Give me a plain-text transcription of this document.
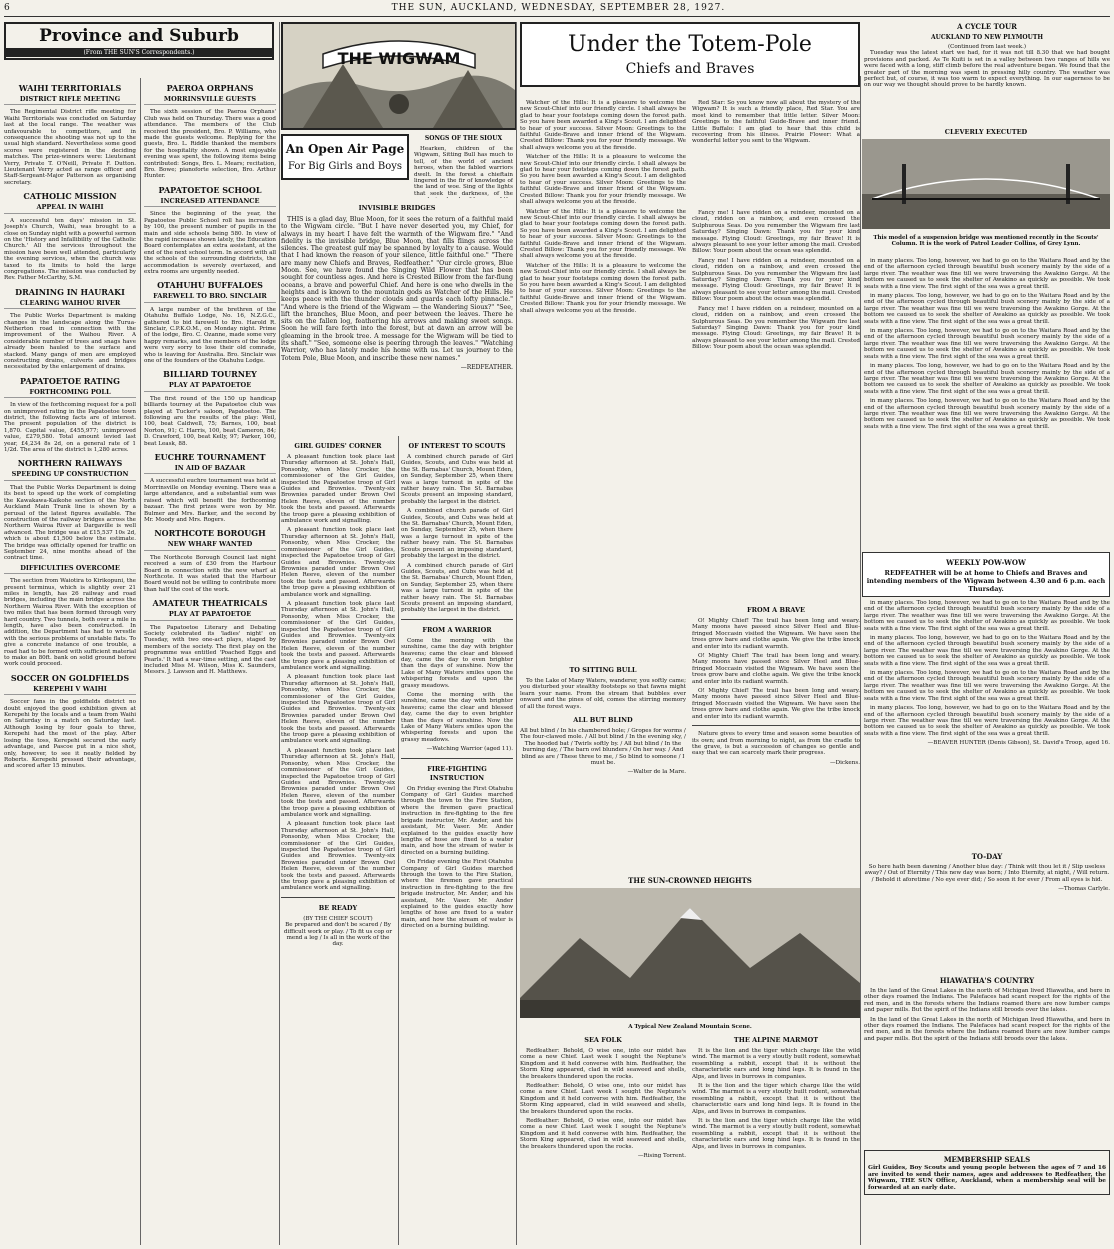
6	THE SUN, AUCKLAND, WEDNESDAY, SEPTEMBER 28, 1927.

Province and Suburb
(From THE SUN'S Correspondents.)
WAIHI TERRITORIALS
DISTRICT RIFLE MEETING

The Regimental District rifle meeting for Waihi Territorials was concluded on Saturday last at the local range. The weather was unfavourable to competitors, and in consequence the shooting was not up to the usual high standard. Nevertheless some good scores were registered in the deciding matches. The prize-winners were: Lieutenant Verry, Private T. O'Neill, Private F. Dutton. Lieutenant Verry acted as range officer and Staff-Sergeant-Major Patterson as organising secretary.

CATHOLIC MISSION
APPEAL IN WAIHI

A successful ten days' mission in St. Joseph's Church, Waihi, was brought to a close on Sunday night with a powerful sermon on the 'History and Infallibility of the Catholic Church.' All the services throughout the mission have been well attended, particularly the evening services, when the church was taxed to its limits to hold the large congregations. The mission was conducted by Rev. Father McCarthy, S.M.

DRAINING IN HAURAKI
CLEARING WAIHOU RIVER

The Public Works Department is making changes in the landscape along the Turua-Netherton road in connection with the improvement of the Waihou River. A considerable number of trees and snags have already been hauled to the surface and stacked. Many gangs of men are employed constructing drains, culverts and bridges necessitated by the enlargement of drains.

PAPATOETOE RATING
FORTHCOMING POLL

In view of the forthcoming request for a poll on unimproved rating in the Papatoetoe town district, the following facts are of interest. The present population of the district is 1,870. Capital value, £455,977; unimproved value, £279,580. Total amount levied last year, £4,234 8s 2d, on a general rate of 1 1/2d. The area of the district is 1,280 acres.

NORTHERN RAILWAYS
SPEEDING UP CONSTRUCTION

That the Public Works Department is doing its best to speed up the work of completing the Kawakawa-Kaikohe section of the North Auckland Main Trunk line is shown by a perusal of the latest figures available. The construction of the railway bridges across the Northern Wairoa River at Dargaville is well advanced. The bridge was at £15,537 10s 2d, which is about £1,500 below the estimate. The bridge was officially opened for traffic on September 24, nine months ahead of the contract time.

DIFFICULTIES OVERCOME

The section from Waiotira to Kirikopuni, the present terminus, which is slightly over 21 miles in length, has 26 railway and road bridges, including the main bridge across the Northern Wairoa River. With the exception of two miles that has been formed through very hard country. Two tunnels, both over a mile in length, have also been constructed. In addition, the Department has had to wrestle with the serious problems of unstable flats. To give a concrete instance of one trouble, a road had to be formed with sufficient material to make an 80ft. bank on solid ground before work could proceed.

SOCCER ON GOLDFIELDS
KEREPEHI V WAIHI

Soccer fans in the goldfields district no doubt enjoyed the good exhibition given at Kerepehi by the locals and a team from Waihi on Saturday in a match on Saturday last. Although losing by four goals to three, Kerepehi had the most of the play. After losing the toss, Kerepehi secured the early advantage, and Pascoe put in a nice shot, only, however, to see it neatly fielded by Roberts. Kerepehi pressed their advantage, and scored after 15 minutes.

PAEROA ORPHANS
MORRINSVILLE GUESTS

The sixth session of the Paeroa Orphans' Club was held on Thursday. There was a good attendance. The members of the Club received the president, Bro. P. Williams, who made the guests welcome. Replying for the guests, Bro. L. Riddle thanked the members for the hospitality shown. A most enjoyable evening was spent, the following items being contributed: Songs, Bro. L. Mears; recitation, Bro. Bowe; pianoforte selection, Bro. Arthur Hunter.

PAPATOETOE SCHOOL
INCREASED ATTENDANCE

Since the beginning of the year, the Papatoetoe Public School roll has increased by 100, the present number of pupils in the main and side schools being 580. In view of the rapid increase shown lately, the Education Board contemplates an extra assistant, at the end of the next school term. In accord with all the schools of the surrounding districts, the accommodation is severely overtaxed, and extra rooms are urgently needed.

OTAHUHU BUFFALOES
FAREWELL TO BRO. SINCLAIR

A large number of the brethren of the Otahuhu Buffalo Lodge, No. 16, N.Z.G.C., gathered to bid farewell to Bro. Harold R. Sinclair, C.P.K.O.M., on Monday night. Prime of the lodge, Bro. C. Ozanne, made some very happy remarks, and the members of the lodge were very sorry to lose their old comrade, who is leaving for Australia. Bro. Sinclair was one of the founders of the Otahuhu Lodge.

BILLIARD TOURNEY
PLAY AT PAPATOETOE

The first round of the 150 up handicap billiards tourney at the Papatoetoe club was played at Tucker's saloon, Papatoetoe. The following are the results of the play: Weil, 100, beat Caldwell, 75; Barnes, 100, beat Norton, 91; C. Harris, 100, beat Cameron, 84; D. Crawford, 100, beat Kelly, 97; Parker, 100, beat Leask, 88.

EUCHRE TOURNAMENT
IN AID OF BAZAAR

A successful euchre tournament was held at Morrinsville on Monday evening. There was a large attendance, and a substantial sum was raised which will benefit the forthcoming bazaar. The first prizes were won by Mr. Bulmer and Mrs. Barker, and the second by Mr. Moody and Mrs. Rogers.

NORTHCOTE BOROUGH
NEW WHARF WANTED

The Northcote Borough Council last night received a sum of £30 from the Harbour Board in connection with the new wharf at Northcote. It was stated that the Harbour Board would not be willing to contribute more than half the cost of the work.

AMATEUR THEATRICALS
PLAY AT PAPATOETOE

The Papatoetoe Literary and Debating Society celebrated its 'ladies' night' on Tuesday, with two one-act plays, staged by members of the society. The first play on the programme was entitled 'Poached Eggs and Pearls.' It had a war-time setting, and the cast included Miss M. Wilson, Miss K. Saunders, Messrs. J. Lawson and H. Matthews.

THE WIGWAM
An Open Air Page
For Big Girls and Boys
INVISIBLE BRIDGES

THIS is a glad day, Blue Moon, for it sees the return of a faithful maid to the Wigwam circle. "But I have never deserted you, my Chief, for always in my heart I have felt the warmth of the Wigwam fire." "And fidelity is the invisible bridge, Blue Moon, that fills flings across the silences. The greatest gulf may be spanned by loyalty to a cause. Would that I had known the reason of your silence, little faithful one." "There are many new Chiefs and Braves, Redfeather." "Our circle grows, Blue Moon. See, we have found the Singing Wild Flower that has been sought for countless ages. And here is Crested Billow from the far-flung oceans, a brave and powerful Chief. And here is one who dwells in the heights and is known to the mountain gods as Watcher of the Hills. He keeps peace with the thunder clouds and guards each lofty pinnacle." "And where is the friend of the Wigwam — the Wandering Sioux?" "See, lift the branches, Blue Moon, and peer between the leaves. There he sits on the fallen log, feathering his arrows and making sweet songs. Soon he will fare forth into the forest, but at dawn an arrow will be gleaming in the brook tree. A message for the Wigwam will be tied to its shaft." "See, someone else is peering through the leaves." "Watching Warrior, who has lately made his home with us. Let us journey to the Totem Pole, Blue Moon, and inscribe these new names."

—REDFEATHER.
SONGS OF THE SIOUX

Hearken, children of the Wigwam, Sitting Bull has much to tell, of the world of ancient heroes, when the fabled warriors dwelt. In the forest a chieftain lingered in the fir of knowledge of the land of woe. Sing of the lights that seek the darkness, of the

GIRL GUIDES' CORNER

A pleasant function took place last Thursday afternoon at St. John's Hall, Ponsonby, when Miss Crocker, the commissioner of the Girl Guides, inspected the Papatoetoe troop of Girl Guides and Brownies. Twenty-six Brownies paraded under Brown Owl Helen Reeve, eleven of the number took the tests and passed. Afterwards the troop gave a pleasing exhibition of ambulance work and signalling.

A pleasant function took place last Thursday afternoon at St. John's Hall, Ponsonby, when Miss Crocker, the commissioner of the Girl Guides, inspected the Papatoetoe troop of Girl Guides and Brownies. Twenty-six Brownies paraded under Brown Owl Helen Reeve, eleven of the number took the tests and passed. Afterwards the troop gave a pleasing exhibition of ambulance work and signalling.

A pleasant function took place last Thursday afternoon at St. John's Hall, Ponsonby, when Miss Crocker, the commissioner of the Girl Guides, inspected the Papatoetoe troop of Girl Guides and Brownies. Twenty-six Brownies paraded under Brown Owl Helen Reeve, eleven of the number took the tests and passed. Afterwards the troop gave a pleasing exhibition of ambulance work and signalling.

A pleasant function took place last Thursday afternoon at St. John's Hall, Ponsonby, when Miss Crocker, the commissioner of the Girl Guides, inspected the Papatoetoe troop of Girl Guides and Brownies. Twenty-six Brownies paraded under Brown Owl Helen Reeve, eleven of the number took the tests and passed. Afterwards the troop gave a pleasing exhibition of ambulance work and signalling.

A pleasant function took place last Thursday afternoon at St. John's Hall, Ponsonby, when Miss Crocker, the commissioner of the Girl Guides, inspected the Papatoetoe troop of Girl Guides and Brownies. Twenty-six Brownies paraded under Brown Owl Helen Reeve, eleven of the number took the tests and passed. Afterwards the troop gave a pleasing exhibition of ambulance work and signalling.

A pleasant function took place last Thursday afternoon at St. John's Hall, Ponsonby, when Miss Crocker, the commissioner of the Girl Guides, inspected the Papatoetoe troop of Girl Guides and Brownies. Twenty-six Brownies paraded under Brown Owl Helen Reeve, eleven of the number took the tests and passed. Afterwards the troop gave a pleasing exhibition of ambulance work and signalling.

BE READY
(BY THE CHIEF SCOUT)

Be prepared and don't be scared / By difficult work or play. / To fit us cop or mend a leg / Is all in the work of the day.

OF INTEREST TO SCOUTS

A combined church parade of Girl Guides, Scouts, and Cubs was held at the St. Barnabas' Church, Mount Eden, on Sunday, September 25, when there was a large turnout in spite of the rather heavy rain. The St. Barnabas Scouts present an imposing standard, probably the largest in the district.

A combined church parade of Girl Guides, Scouts, and Cubs was held at the St. Barnabas' Church, Mount Eden, on Sunday, September 25, when there was a large turnout in spite of the rather heavy rain. The St. Barnabas Scouts present an imposing standard, probably the largest in the district.

A combined church parade of Girl Guides, Scouts, and Cubs was held at the St. Barnabas' Church, Mount Eden, on Sunday, September 25, when there was a large turnout in spite of the rather heavy rain. The St. Barnabas Scouts present an imposing standard, probably the largest in the district.

FROM A WARRIOR

Come the morning with the sunshine, came the day with brighter heavens; came the clear and blessed day, came the day to even brighter than the days of sunshine. Now the Lake of Many Waters smiles upon the whispering forests and upon the grassy meadows.

Come the morning with the sunshine, came the day with brighter heavens; came the clear and blessed day, came the day to even brighter than the days of sunshine. Now the Lake of Many Waters smiles upon the whispering forests and upon the grassy meadows.

—Watching Warrior (aged 11).
FIRE-FIGHTING INSTRUCTION

On Friday evening the First Otahuhu Company of Girl Guides marched through the town to the Fire Station, where the firemen gave practical instruction in fire-fighting to the fire brigade instructor, Mr. Ander, and his assistant, Mr. Vaser. Mr. Ander explained to the guides exactly how lengths of hose are fixed to a water main, and how the stream of water is directed on a burning building.

On Friday evening the First Otahuhu Company of Girl Guides marched through the town to the Fire Station, where the firemen gave practical instruction in fire-fighting to the fire brigade instructor, Mr. Ander, and his assistant, Mr. Vaser. Mr. Ander explained to the guides exactly how lengths of hose are fixed to a water main, and how the stream of water is directed on a burning building.

Under the Totem-Pole
Chiefs and Braves

Watcher of the Hills: It is a pleasure to welcome the new Scout-Chief into our friendly circle. I shall always be glad to hear your footsteps coming down the forest path. So you have been awarded a King's Scout. I am delighted to hear of your success. Silver Moon: Greetings to the faithful Guide-Brave and inner friend of the Wigwam. Crested Billow: Thank you for your friendly message. We shall always welcome you at the fireside.

Watcher of the Hills: It is a pleasure to welcome the new Scout-Chief into our friendly circle. I shall always be glad to hear your footsteps coming down the forest path. So you have been awarded a King's Scout. I am delighted to hear of your success. Silver Moon: Greetings to the faithful Guide-Brave and inner friend of the Wigwam. Crested Billow: Thank you for your friendly message. We shall always welcome you at the fireside.

Watcher of the Hills: It is a pleasure to welcome the new Scout-Chief into our friendly circle. I shall always be glad to hear your footsteps coming down the forest path. So you have been awarded a King's Scout. I am delighted to hear of your success. Silver Moon: Greetings to the faithful Guide-Brave and inner friend of the Wigwam. Crested Billow: Thank you for your friendly message. We shall always welcome you at the fireside.

Watcher of the Hills: It is a pleasure to welcome the new Scout-Chief into our friendly circle. I shall always be glad to hear your footsteps coming down the forest path. So you have been awarded a King's Scout. I am delighted to hear of your success. Silver Moon: Greetings to the faithful Guide-Brave and inner friend of the Wigwam. Crested Billow: Thank you for your friendly message. We shall always welcome you at the fireside.

Red Star: So you know now all about the mystery of the Wigwam? It is such a friendly place, Red Star. You are most kind to remember that little letter. Silver Moon: Greetings to the faithful Guide-Brave and inner friend. Little Buffalo: I am glad to hear that this child is recovering from his illness. Prairie Flower: What a wonderful letter you sent to the Wigwam.

CLEVERLY EXECUTED
This model of a suspension bridge was mentioned recently in the Scouts' Column. It is the work of Patrol Leader Collins, of Grey Lynn.

Fancy me! I have ridden on a reindeer, mounted on a cloud, ridden on a rainbow, and even crossed the Sulphurous Seas. Do you remember the Wigwam fire last Saturday? Singing Dawn: Thank you for your kind message. Flying Cloud: Greetings, my fair Brave! It is always pleasant to see your letter among the mail. Crested Billow: Your poem about the ocean was splendid.

Fancy me! I have ridden on a reindeer, mounted on a cloud, ridden on a rainbow, and even crossed the Sulphurous Seas. Do you remember the Wigwam fire last Saturday? Singing Dawn: Thank you for your kind message. Flying Cloud: Greetings, my fair Brave! It is always pleasant to see your letter among the mail. Crested Billow: Your poem about the ocean was splendid.

Fancy me! I have ridden on a reindeer, mounted on a cloud, ridden on a rainbow, and even crossed the Sulphurous Seas. Do you remember the Wigwam fire last Saturday? Singing Dawn: Thank you for your kind message. Flying Cloud: Greetings, my fair Brave! It is always pleasant to see your letter among the mail. Crested Billow: Your poem about the ocean was splendid.

TO SITTING BULL

To the Lake of Many Waters, wanderer, you softly came; you disturbed your stealthy footsteps so that fawns might learn your name. From the stream that bubbles ever onward and the pines of old, comes the stirring memory of all the forest ways.

ALL BUT BLIND

All but blind / In his chambered hole; / Gropes for worms / The four-clawed mole. / All but blind / In the evening sky, / The hooded bat / Twirls softly by. / All but blind / In the burning day, / The barn owl blunders / On her way. / And blind as are / These three to me, / So blind to someone / I must be.

—Walter de la Mare.
WEEKLY POW-WOW
REDFEATHER will be at home to Chiefs and Braves and intending members of the Wigwam between 4.30 and 6 p.m. each Thursday.
FROM A BRAVE

O! Mighty Chief! The trail has been long and weary. Many moons have passed since Silver Heel and Blue-fringed Moccasin visited the Wigwam. We have seen the trees grow bare and clothe again. We give the tribe knock and enter into its radiant warmth.

O! Mighty Chief! The trail has been long and weary. Many moons have passed since Silver Heel and Blue-fringed Moccasin visited the Wigwam. We have seen the trees grow bare and clothe again. We give the tribe knock and enter into its radiant warmth.

O! Mighty Chief! The trail has been long and weary. Many moons have passed since Silver Heel and Blue-fringed Moccasin visited the Wigwam. We have seen the trees grow bare and clothe again. We give the tribe knock and enter into its radiant warmth.

Nature gives to every time and season some beauties of its own; and from morning to night, as from the cradle to the grave, is but a succession of changes so gentle and easy that we can scarcely mark their progress.

—Dickens.
THE SUN-CROWNED HEIGHTS
A Typical New Zealand Mountain Scene.
SEA FOLK

Redfeather: Behold, O wise one, into our midst has come a new Chief. Last week I sought the Neptune's Kingdom and it held converse with him. Redfeather, the Storm King appeared, clad in wild seaweed and shells, the breakers thundered upon the rocks.

Redfeather: Behold, O wise one, into our midst has come a new Chief. Last week I sought the Neptune's Kingdom and it held converse with him. Redfeather, the Storm King appeared, clad in wild seaweed and shells, the breakers thundered upon the rocks.

Redfeather: Behold, O wise one, into our midst has come a new Chief. Last week I sought the Neptune's Kingdom and it held converse with him. Redfeather, the Storm King appeared, clad in wild seaweed and shells, the breakers thundered upon the rocks.

—Rising Torrent.
THE ALPINE MARMOT

It is the lion and the tiger which charge like the wild wind. The marmot is a very stoutly built rodent, somewhat resembling a rabbit, except that it is without the characteristic ears and long hind legs. It is found in the Alps, and lives in burrows in companies.

It is the lion and the tiger which charge like the wild wind. The marmot is a very stoutly built rodent, somewhat resembling a rabbit, except that it is without the characteristic ears and long hind legs. It is found in the Alps, and lives in burrows in companies.

It is the lion and the tiger which charge like the wild wind. The marmot is a very stoutly built rodent, somewhat resembling a rabbit, except that it is without the characteristic ears and long hind legs. It is found in the Alps, and lives in burrows in companies.

A CYCLE TOUR
AUCKLAND TO NEW PLYMOUTH
(Continued from last week.)

Tuesday was the latest start we had, for it was not till 8.30 that we had bought provisions and packed. As Te Kuiti is set in a valley between two ranges of hills we were faced with a long, stiff climb before the real adventure began. We found that the greater part of the morning was spent in pressing hilly country. The weather was perfect but, of course, it was too warm to expect everything. In our eagerness to be on our way we thought should prove to be hardly known.

in many places. Too long, however, we had to go on to the Waitara Road and by the end of the afternoon cycled through beautiful bush scenery mainly by the side of a large river. The weather was fine till we were traversing the Awakino Gorge. At the bottom we caused us to seek the shelter of Awakino as quickly as possible. We took seats with a fine view. The first sight of the sea was a great thrill.

in many places. Too long, however, we had to go on to the Waitara Road and by the end of the afternoon cycled through beautiful bush scenery mainly by the side of a large river. The weather was fine till we were traversing the Awakino Gorge. At the bottom we caused us to seek the shelter of Awakino as quickly as possible. We took seats with a fine view. The first sight of the sea was a great thrill.

in many places. Too long, however, we had to go on to the Waitara Road and by the end of the afternoon cycled through beautiful bush scenery mainly by the side of a large river. The weather was fine till we were traversing the Awakino Gorge. At the bottom we caused us to seek the shelter of Awakino as quickly as possible. We took seats with a fine view. The first sight of the sea was a great thrill.

in many places. Too long, however, we had to go on to the Waitara Road and by the end of the afternoon cycled through beautiful bush scenery mainly by the side of a large river. The weather was fine till we were traversing the Awakino Gorge. At the bottom we caused us to seek the shelter of Awakino as quickly as possible. We took seats with a fine view. The first sight of the sea was a great thrill.

in many places. Too long, however, we had to go on to the Waitara Road and by the end of the afternoon cycled through beautiful bush scenery mainly by the side of a large river. The weather was fine till we were traversing the Awakino Gorge. At the bottom we caused us to seek the shelter of Awakino as quickly as possible. We took seats with a fine view. The first sight of the sea was a great thrill.

in many places. Too long, however, we had to go on to the Waitara Road and by the end of the afternoon cycled through beautiful bush scenery mainly by the side of a large river. The weather was fine till we were traversing the Awakino Gorge. At the bottom we caused us to seek the shelter of Awakino as quickly as possible. We took seats with a fine view. The first sight of the sea was a great thrill.

in many places. Too long, however, we had to go on to the Waitara Road and by the end of the afternoon cycled through beautiful bush scenery mainly by the side of a large river. The weather was fine till we were traversing the Awakino Gorge. At the bottom we caused us to seek the shelter of Awakino as quickly as possible. We took seats with a fine view. The first sight of the sea was a great thrill.

in many places. Too long, however, we had to go on to the Waitara Road and by the end of the afternoon cycled through beautiful bush scenery mainly by the side of a large river. The weather was fine till we were traversing the Awakino Gorge. At the bottom we caused us to seek the shelter of Awakino as quickly as possible. We took seats with a fine view. The first sight of the sea was a great thrill.

in many places. Too long, however, we had to go on to the Waitara Road and by the end of the afternoon cycled through beautiful bush scenery mainly by the side of a large river. The weather was fine till we were traversing the Awakino Gorge. At the bottom we caused us to seek the shelter of Awakino as quickly as possible. We took seats with a fine view. The first sight of the sea was a great thrill.

—BEAVER HUNTER (Denis Gibson), St. David's Troop, aged 16.
TO-DAY

So here hath been dawning / Another blue day: / Think wilt thou let it / Slip useless away? / Out of Eternity / This new day was born; / Into Eternity, at night, / Will return. / Behold it aforetime / No eye ever did; / So soon it for ever / From all eyes is hid.

—Thomas Carlyle.
HIAWATHA'S COUNTRY

In the land of the Great Lakes in the north of Michigan lived Hiawatha, and here in other days roamed the Indians. The Palefaces had scant respect for the rights of the red men, and in the forests where the Indians roamed there are now lumber camps and paper mills. But the spirit of the Indians still broods over the lakes.

In the land of the Great Lakes in the north of Michigan lived Hiawatha, and here in other days roamed the Indians. The Palefaces had scant respect for the rights of the red men, and in the forests where the Indians roamed there are now lumber camps and paper mills. But the spirit of the Indians still broods over the lakes.

MEMBERSHIP SEALS
Girl Guides, Boy Scouts and young people between the ages of 7 and 16 are invited to send their names, ages and addresses to Redfeather, the Wigwam, THE SUN Office, Auckland, when a membership seal will be forwarded at an early date.
